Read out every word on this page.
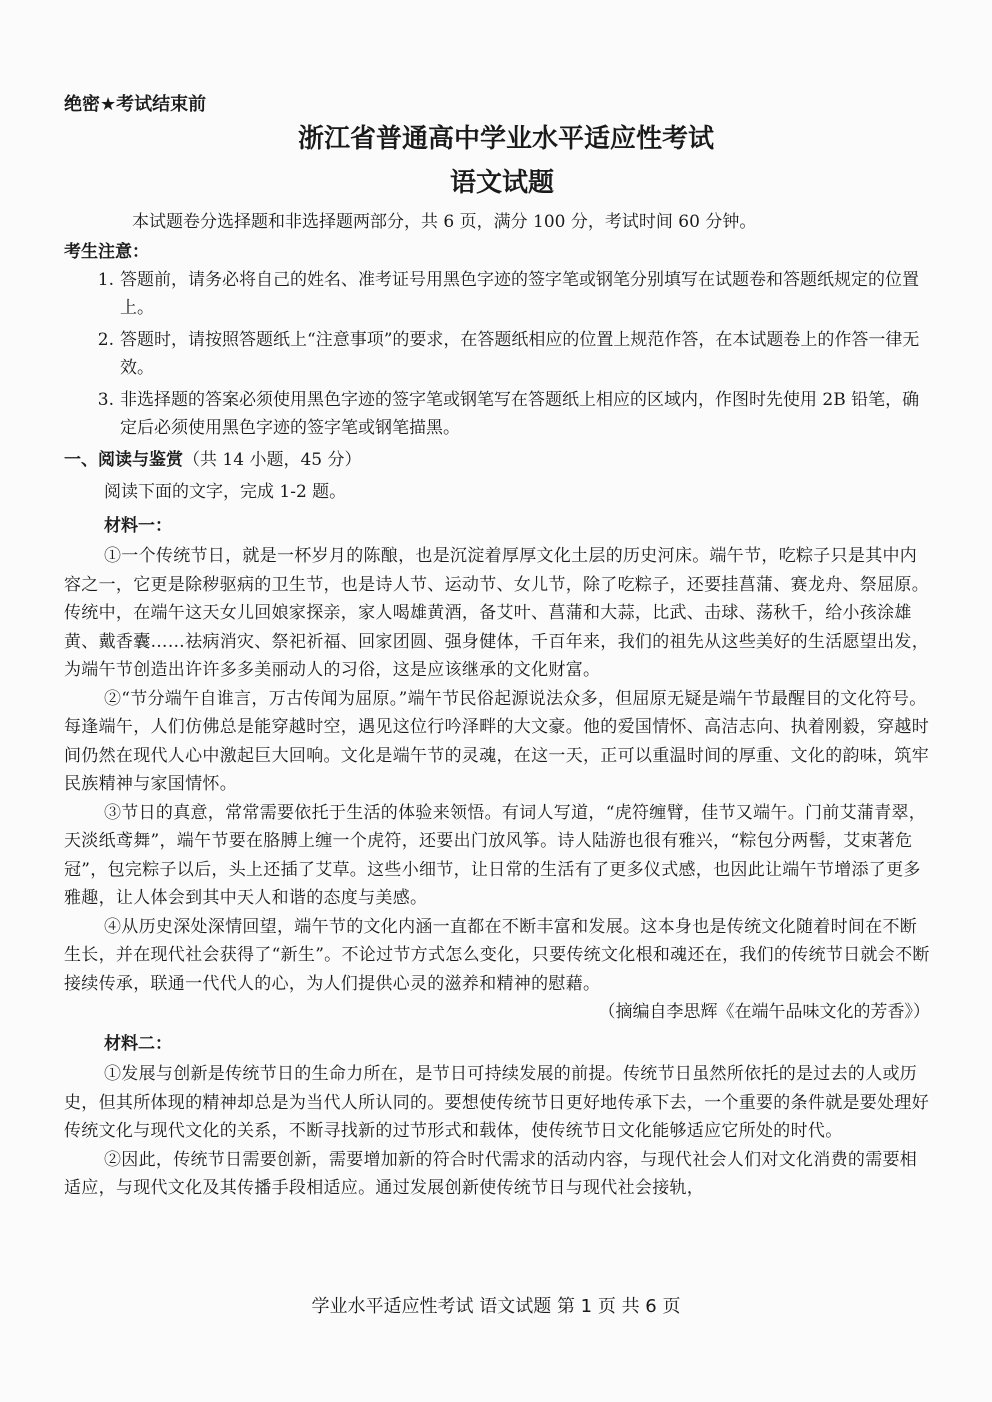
绝密★考试结束前
浙江省普通高中学业水平适应性考试
语文试题

本试题卷分选择题和非选择题两部分，共 6 页，满分 100 分，考试时间 60 分钟。

考生注意：

1. 答题前，请务必将自己的姓名、准考证号用黑色字迹的签字笔或钢笔分别填写在试题卷和答题纸规定的位置上。
2. 答题时，请按照答题纸上“注意事项”的要求，在答题纸相应的位置上规范作答，在本试题卷上的作答一律无效。
3. 非选择题的答案必须使用黑色字迹的签字笔或钢笔写在答题纸上相应的区域内，作图时先使用 2B 铅笔，确定后必须使用黑色字迹的签字笔或钢笔描黑。

一、阅读与鉴赏（共 14 小题，45 分）

阅读下面的文字，完成 1-2 题。

材料一：

①一个传统节日，就是一杯岁月的陈酿，也是沉淀着厚厚文化土层的历史河床。端午节，吃粽子只是其中内容之一，它更是除秽驱病的卫生节，也是诗人节、运动节、女儿节，除了吃粽子，还要挂菖蒲、赛龙舟、祭屈原。传统中，在端午这天女儿回娘家探亲，家人喝雄黄酒，备艾叶、菖蒲和大蒜，比武、击球、荡秋千，给小孩涂雄黄、戴香囊……祛病消灾、祭祀祈福、回家团圆、强身健体，千百年来，我们的祖先从这些美好的生活愿望出发，为端午节创造出许许多多美丽动人的习俗，这是应该继承的文化财富。

②“节分端午自谁言，万古传闻为屈原。”端午节民俗起源说法众多，但屈原无疑是端午节最醒目的文化符号。每逢端午，人们仿佛总是能穿越时空，遇见这位行吟泽畔的大文豪。他的爱国情怀、高洁志向、执着刚毅，穿越时间仍然在现代人心中激起巨大回响。文化是端午节的灵魂，在这一天，正可以重温时间的厚重、文化的韵味，筑牢民族精神与家国情怀。

③节日的真意，常常需要依托于生活的体验来领悟。有词人写道，“虎符缠臂，佳节又端午。门前艾蒲青翠，天淡纸鸢舞”，端午节要在胳膊上缠一个虎符，还要出门放风筝。诗人陆游也很有雅兴，“粽包分两髻，艾束著危冠”，包完粽子以后，头上还插了艾草。这些小细节，让日常的生活有了更多仪式感，也因此让端午节增添了更多雅趣，让人体会到其中天人和谐的态度与美感。

④从历史深处深情回望，端午节的文化内涵一直都在不断丰富和发展。这本身也是传统文化随着时间在不断生长，并在现代社会获得了“新生”。不论过节方式怎么变化，只要传统文化根和魂还在，我们的传统节日就会不断接续传承，联通一代代人的心，为人们提供心灵的滋养和精神的慰藉。

（摘编自李思辉《在端午品味文化的芳香》）

材料二：

①发展与创新是传统节日的生命力所在，是节日可持续发展的前提。传统节日虽然所依托的是过去的人或历史，但其所体现的精神却总是为当代人所认同的。要想使传统节日更好地传承下去，一个重要的条件就是要处理好传统文化与现代文化的关系，不断寻找新的过节形式和载体，使传统节日文化能够适应它所处的时代。

②因此，传统节日需要创新，需要增加新的符合时代需求的活动内容，与现代社会人们对文化消费的需要相适应，与现代文化及其传播手段相适应。通过发展创新使传统节日与现代社会接轨，

学业水平适应性考试 语文试题 第 1 页 共 6 页
